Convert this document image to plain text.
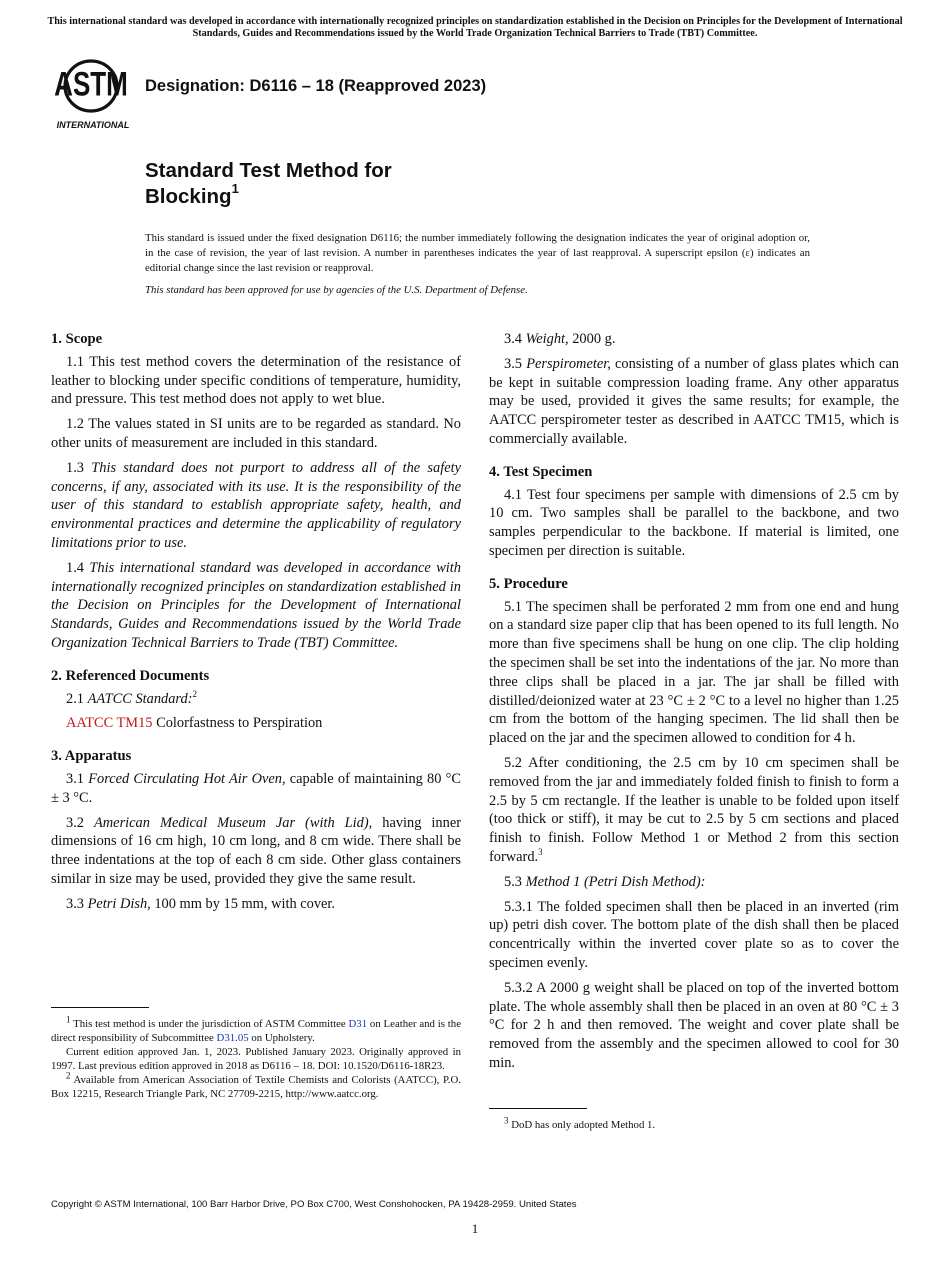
This international standard was developed in accordance with internationally recognized principles on standardization established in the Decision on Principles for the Development of International Standards, Guides and Recommendations issued by the World Trade Organization Technical Barriers to Trade (TBT) Committee.
ASTM
INTERNATIONAL
Designation: D6116 – 18 (Reapproved 2023)
Standard Test Method for
Blocking$^1$

This standard is issued under the fixed designation D6116; the number immediately following the designation indicates the year of original adoption or, in the case of revision, the year of last revision. A number in parentheses indicates the year of last reapproval. A superscript epsilon (ε) indicates an editorial change since the last revision or reapproval.

This standard has been approved for use by agencies of the U.S. Department of Defense.

1. Scope

1.1 This test method covers the determination of the resistance of leather to blocking under specific conditions of temperature, humidity, and pressure. This test method does not apply to wet blue.

1.2 The values stated in SI units are to be regarded as standard. No other units of measurement are included in this standard.

1.3 This standard does not purport to address all of the safety concerns, if any, associated with its use. It is the responsibility of the user of this standard to establish appropriate safety, health, and environmental practices and determine the applicability of regulatory limitations prior to use.

1.4 This international standard was developed in accordance with internationally recognized principles on standardization established in the Decision on Principles for the Development of International Standards, Guides and Recommendations issued by the World Trade Organization Technical Barriers to Trade (TBT) Committee.

2. Referenced Documents

2.1 AATCC Standard:$^2$

AATCC TM15 Colorfastness to Perspiration

3. Apparatus

3.1 Forced Circulating Hot Air Oven, capable of maintaining 80 °C ± 3 °C.

3.2 American Medical Museum Jar (with Lid), having inner dimensions of 16 cm high, 10 cm long, and 8 cm wide. There shall be three indentations at the top of each 8 cm side. Other glass containers similar in size may be used, provided they give the same result.

3.3 Petri Dish, 100 mm by 15 mm, with cover.

$^1$ This test method is under the jurisdiction of ASTM Committee D31 on Leather and is the direct responsibility of Subcommittee D31.05 on Upholstery.

Current edition approved Jan. 1, 2023. Published January 2023. Originally approved in 1997. Last previous edition approved in 2018 as D6116 – 18. DOI: 10.1520/D6116-18R23.

$^2$ Available from American Association of Textile Chemists and Colorists (AATCC), P.O. Box 12215, Research Triangle Park, NC 27709-2215, http://www.aatcc.org.

3.4 Weight, 2000 g.

3.5 Perspirometer, consisting of a number of glass plates which can be kept in suitable compression loading frame. Any other apparatus may be used, provided it gives the same results; for example, the AATCC perspirometer tester as described in AATCC TM15, which is commercially available.

4. Test Specimen

4.1 Test four specimens per sample with dimensions of 2.5 cm by 10 cm. Two samples shall be parallel to the backbone, and two samples perpendicular to the backbone. If material is limited, one specimen per direction is suitable.

5. Procedure

5.1 The specimen shall be perforated 2 mm from one end and hung on a standard size paper clip that has been opened to its full length. No more than five specimens shall be hung on one clip. The clip holding the specimen shall be set into the indentations of the jar. No more than three clips shall be placed in a jar. The jar shall be filled with distilled/deionized water at 23 °C ± 2 °C to a level no higher than 1.25 cm from the bottom of the hanging specimen. The lid shall then be placed on the jar and the specimen allowed to condition for 4 h.

5.2 After conditioning, the 2.5 cm by 10 cm specimen shall be removed from the jar and immediately folded finish to finish to form a 2.5 by 5 cm rectangle. If the leather is unable to be folded upon itself (too thick or stiff), it may be cut to 2.5 by 5 cm sections and placed finish to finish. Follow Method 1 or Method 2 from this section forward.$^3$

5.3 Method 1 (Petri Dish Method):

5.3.1 The folded specimen shall then be placed in an inverted (rim up) petri dish cover. The bottom plate of the dish shall then be placed concentrically within the inverted cover plate so as to cover the specimen evenly.

5.3.2 A 2000 g weight shall be placed on top of the inverted bottom plate. The whole assembly shall then be placed in an oven at 80 °C ± 3 °C for 2 h and then removed. The weight and cover plate shall be removed from the assembly and the specimen allowed to cool for 30 min.

$^3$ DoD has only adopted Method 1.

Copyright © ASTM International, 100 Barr Harbor Drive, PO Box C700, West Conshohocken, PA 19428-2959. United States
1
